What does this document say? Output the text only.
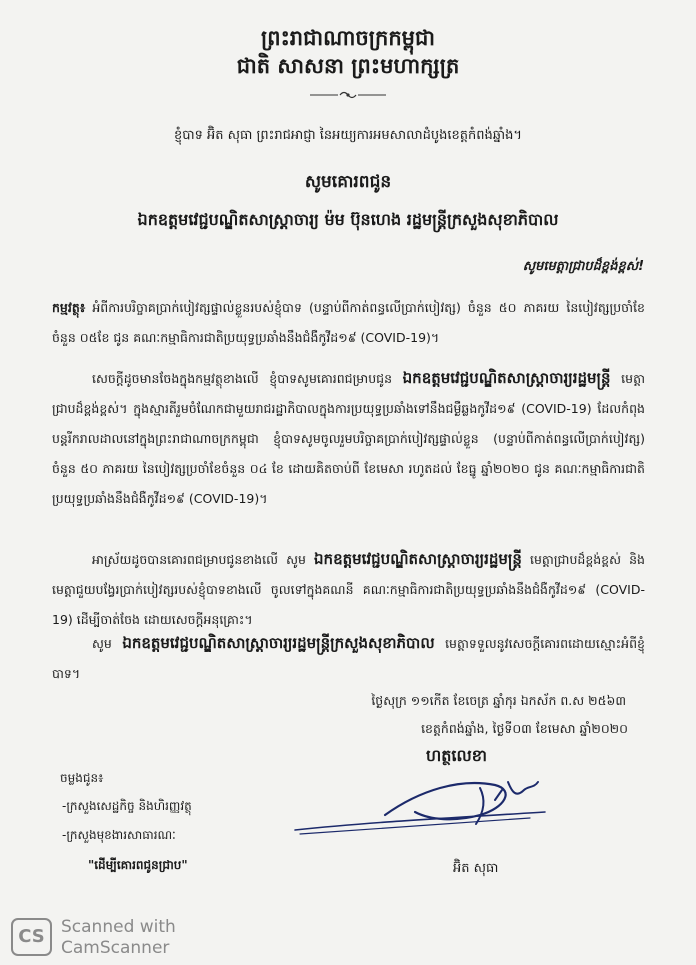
ព្រះរាជាណាចក្រកម្ពុជា
ជាតិ សាសនា ព្រះមហាក្សត្រ
ខ្ញុំបាទ អ៊ិត សុធា ព្រះរាជអាជ្ញា នៃអយ្យការអមសាលាដំបូងខេត្តកំពង់ឆ្នាំង។
សូមគោរពជូន
ឯកឧត្តមវេជ្ជបណ្ឌិតសាស្ត្រាចារ្យ ម៉ម ប៊ុនហេង រដ្ឋមន្ត្រីក្រសួងសុខាភិបាល
សូមមេត្តាជ្រាបដ៏ខ្ពង់ខ្ពស់!
កម្មវត្ថុ៖ អំពីការបរិច្ចាគប្រាក់បៀវត្សផ្ទាល់ខ្លួនរបស់ខ្ញុំបាទ (បន្ទាប់ពីកាត់ពន្ធលើប្រាក់បៀវត្ស) ចំនួន ៥០ ភាគរយ នៃបៀវត្សប្រចាំខែ ចំនួន ០៥ខែ ជូន គណៈកម្មាធិការជាតិប្រយុទ្ធប្រឆាំងនឹងជំងឺកូវីដ១៩ (COVID-19)។
សេចក្ដីដូចមានចែងក្នុងកម្មវត្ថុខាងលើ ខ្ញុំបាទសូមគោរពជម្រាបជូន ឯកឧត្តមវេជ្ជបណ្ឌិតសាស្ត្រាចារ្យរដ្ឋមន្ត្រី មេត្តាជ្រាបដ៏ខ្ពង់ខ្ពស់។ ក្នុងស្មារតីរួមចំណែកជាមួយរាជរដ្ឋាភិបាលក្នុងការប្រយុទ្ធប្រឆាំងទៅនឹងជម្ងឺឆ្លងកូវីដ១៩ (COVID-19) ដែលកំពុងបន្តរីករាលដាលនៅក្នុងព្រះរាជាណាចក្រកម្ពុជា ខ្ញុំបាទសូមចូលរួមបរិច្ចាគប្រាក់បៀវត្សផ្ទាល់ខ្លួន (បន្ទាប់ពីកាត់ពន្ធលើប្រាក់បៀវត្ស) ចំនួន ៥០ ភាគរយ នៃបៀវត្សប្រចាំខែចំនួន ០៤ ខែ ដោយគិតចាប់ពី ខែមេសា រហូតដល់ ខែធ្នូ ឆ្នាំ២០២០ ជូន គណៈកម្មាធិការជាតិប្រយុទ្ធប្រឆាំងនឹងជំងឺកូវីដ១៩ (COVID-19)។
អាស្រ័យដូចបានគោរពជម្រាបជូនខាងលើ សូម ឯកឧត្តមវេជ្ជបណ្ឌិតសាស្ត្រាចារ្យរដ្ឋមន្ត្រី មេត្តាជ្រាបដ៏ខ្ពង់ខ្ពស់ និងមេត្តាជួយបង្វែរប្រាក់បៀវត្សរបស់ខ្ញុំបាទខាងលើ ចូលទៅក្នុងគណនី គណៈកម្មាធិការជាតិប្រយុទ្ធប្រឆាំងនឹងជំងឺកូវីដ១៩ (COVID-19) ដើម្បីចាត់ចែង ដោយសេចក្ដីអនុគ្រោះ។
សូម ឯកឧត្តមវេជ្ជបណ្ឌិតសាស្ត្រាចារ្យរដ្ឋមន្ត្រីក្រសួងសុខាភិបាល មេត្តាទទួលនូវសេចក្ដីគោរពដោយស្មោះអំពីខ្ញុំបាទ។
ថ្ងៃសុក្រ ១១កើត ខែចេត្រ ឆ្នាំកុរ ឯកស័ក ព.ស ២៥៦៣
ខេត្តកំពង់ឆ្នាំង, ថ្ងៃទី០៣ ខែមេសា ឆ្នាំ២០២០
ហត្ថលេខា
អ៊ិត សុធា
ចម្លងជូន៖
-ក្រសួងសេដ្ឋកិច្ច និងហិរញ្ញវត្ថុ
-ក្រសួងមុខងារសាធារណៈ
"ដើម្បីគោរពជូនជ្រាប"
CS Scanned with
CamScanner
